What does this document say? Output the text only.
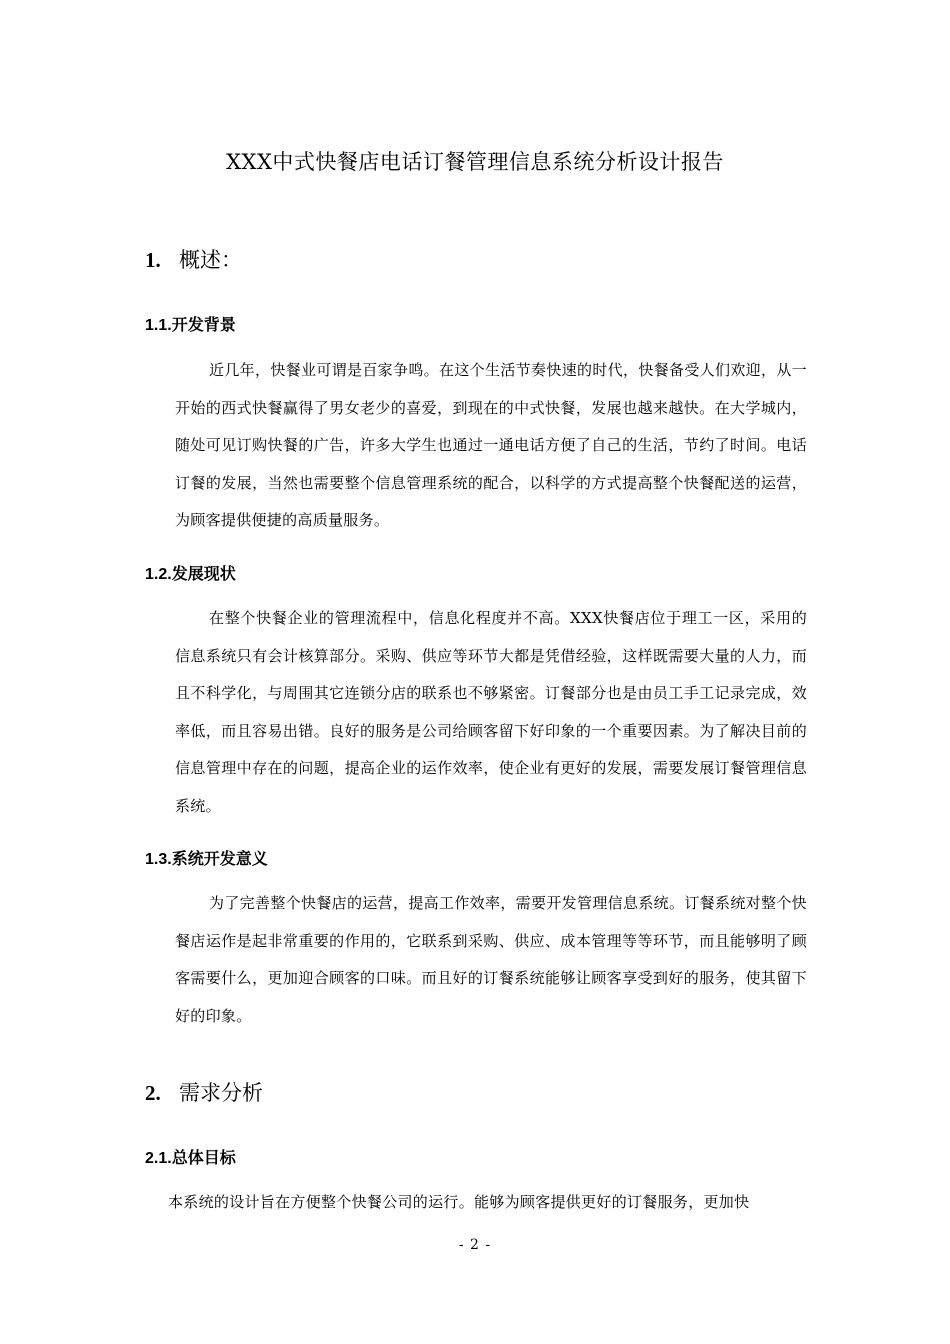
XXX中式快餐店电话订餐管理信息系统分析设计报告
1. 概述：
1.1.开发背景
近几年，快餐业可谓是百家争鸣。在这个生活节奏快速的时代，快餐备受人们欢迎，从一开始的西式快餐赢得了男女老少的喜爱，到现在的中式快餐，发展也越来越快。在大学城内，随处可见订购快餐的广告，许多大学生也通过一通电话方便了自己的生活，节约了时间。电话订餐的发展，当然也需要整个信息管理系统的配合，以科学的方式提高整个快餐配送的运营，为顾客提供便捷的高质量服务。
1.2.发展现状
在整个快餐企业的管理流程中，信息化程度并不高。XXX快餐店位于理工一区，采用的信息系统只有会计核算部分。采购、供应等环节大都是凭借经验，这样既需要大量的人力，而且不科学化，与周围其它连锁分店的联系也不够紧密。订餐部分也是由员工手工记录完成，效率低，而且容易出错。良好的服务是公司给顾客留下好印象的一个重要因素。为了解决目前的信息管理中存在的问题，提高企业的运作效率，使企业有更好的发展，需要发展订餐管理信息系统。
1.3.系统开发意义
为了完善整个快餐店的运营，提高工作效率，需要开发管理信息系统。订餐系统对整个快餐店运作是起非常重要的作用的，它联系到采购、供应、成本管理等等环节，而且能够明了顾客需要什么，更加迎合顾客的口味。而且好的订餐系统能够让顾客享受到好的服务，使其留下好的印象。
2. 需求分析
2.1.总体目标
本系统的设计旨在方便整个快餐公司的运行。能够为顾客提供更好的订餐服务，更加快
- 2 -
